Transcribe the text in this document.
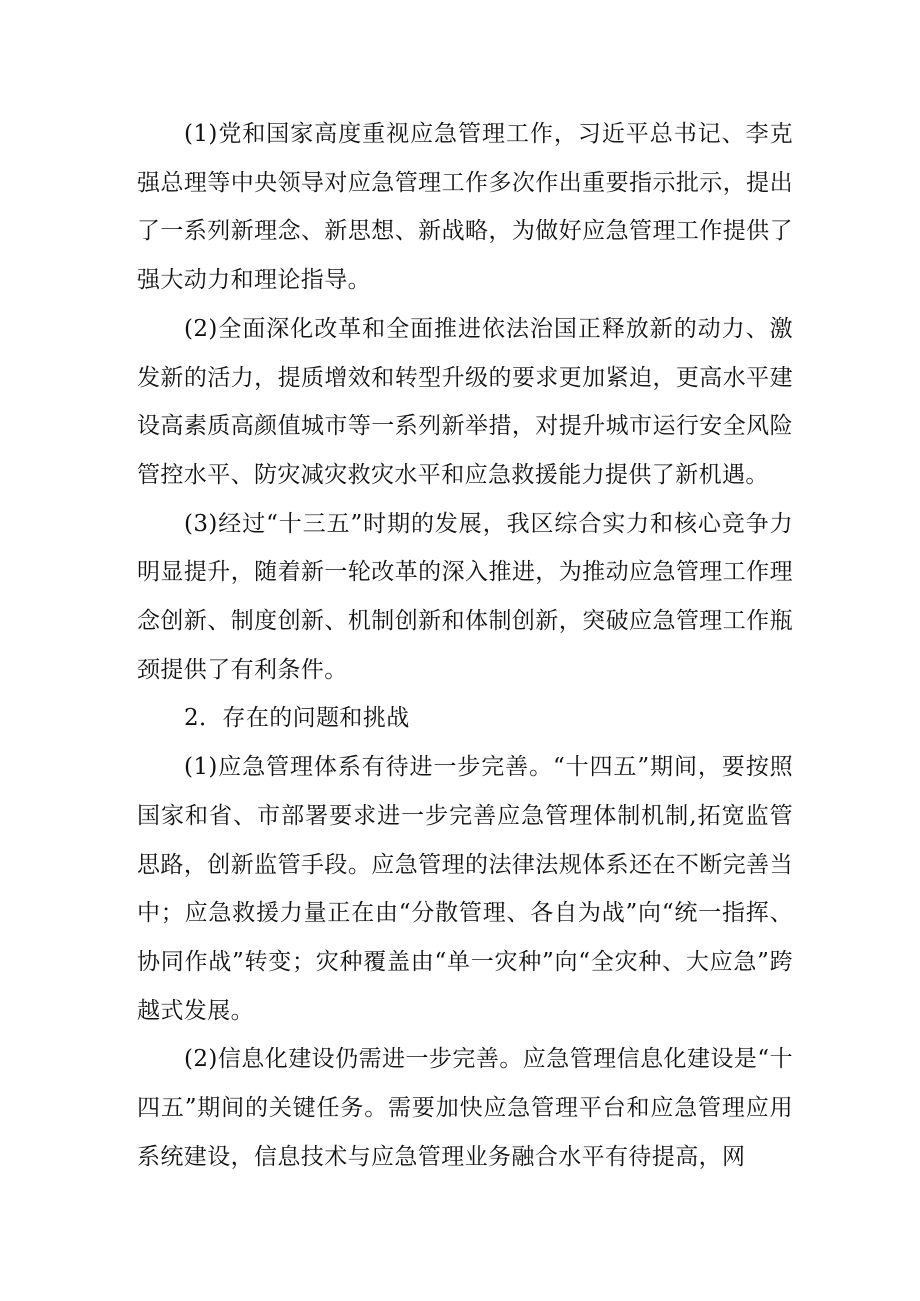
(1)党和国家高度重视应急管理工作，习近平总书记、李克强总理等中央领导对应急管理工作多次作出重要指示批示，提出了一系列新理念、新思想、新战略，为做好应急管理工作提供了强大动力和理论指导。

(2)全面深化改革和全面推进依法治国正释放新的动力、激发新的活力，提质增效和转型升级的要求更加紧迫，更高水平建设高素质高颜值城市等一系列新举措，对提升城市运行安全风险管控水平、防灾减灾救灾水平和应急救援能力提供了新机遇。

(3)经过“十三五”时期的发展，我区综合实力和核心竞争力明显提升，随着新一轮改革的深入推进，为推动应急管理工作理念创新、制度创新、机制创新和体制创新，突破应急管理工作瓶颈提供了有利条件。

2．存在的问题和挑战

(1)应急管理体系有待进一步完善。“十四五”期间，要按照国家和省、市部署要求进一步完善应急管理体制机制,拓宽监管思路，创新监管手段。应急管理的法律法规体系还在不断完善当中；应急救援力量正在由“分散管理、各自为战”向“统一指挥、协同作战”转变；灾种覆盖由“单一灾种”向“全灾种、大应急”跨越式发展。

(2)信息化建设仍需进一步完善。应急管理信息化建设是“十四五”期间的关键任务。需要加快应急管理平台和应急管理应用系统建设，信息技术与应急管理业务融合水平有待提高，网
